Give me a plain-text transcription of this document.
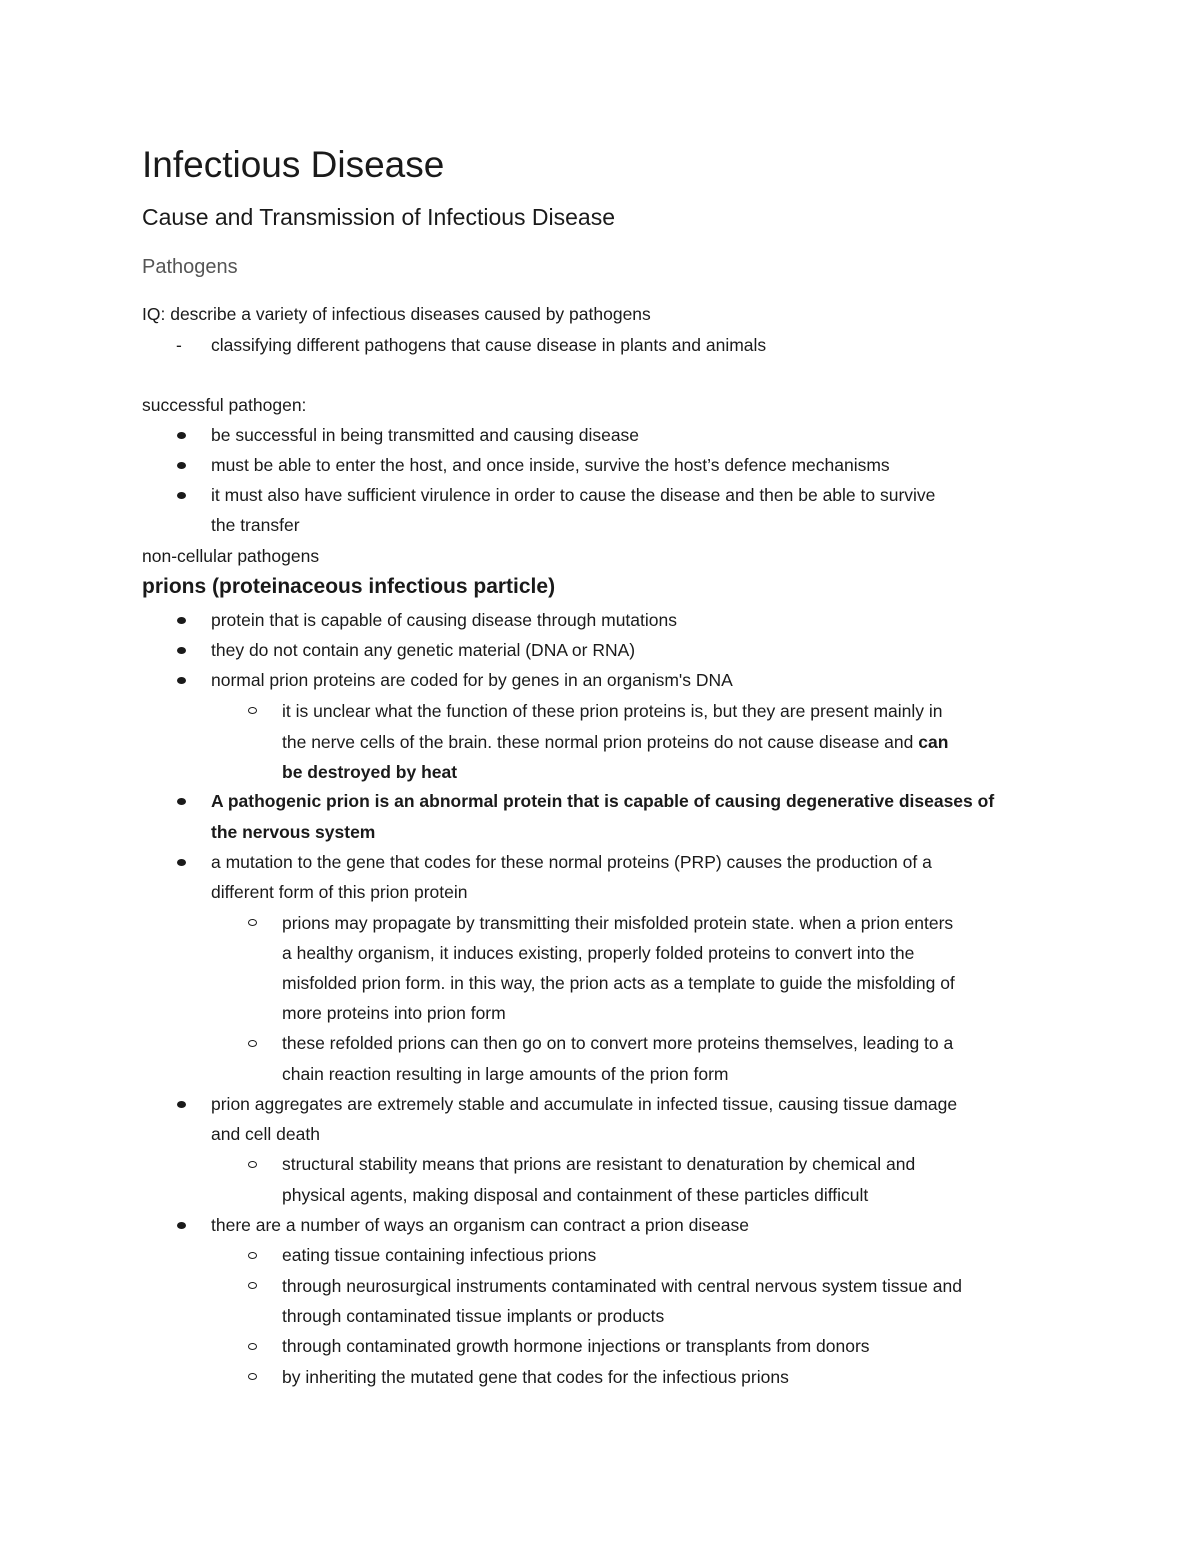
Infectious Disease
Cause and Transmission of Infectious Disease
Pathogens

IQ: describe a variety of infectious diseases caused by pathogens

- classifying different pathogens that cause disease in plants and animals

successful pathogen:

be successful in being transmitted and causing disease

must be able to enter the host, and once inside, survive the host’s defence mechanisms

it must also have sufficient virulence in order to cause the disease and then be able to survive

the transfer

non-cellular pathogens

prions (proteinaceous infectious particle)

protein that is capable of causing disease through mutations

they do not contain any genetic material (DNA or RNA)

normal prion proteins are coded for by genes in an organism's DNA

it is unclear what the function of these prion proteins is, but they are present mainly in

the nerve cells of the brain. these normal prion proteins do not cause disease and can

be destroyed by heat

A pathogenic prion is an abnormal protein that is capable of causing degenerative diseases of

the nervous system

a mutation to the gene that codes for these normal proteins (PRP) causes the production of a

different form of this prion protein

prions may propagate by transmitting their misfolded protein state. when a prion enters

a healthy organism, it induces existing, properly folded proteins to convert into the

misfolded prion form. in this way, the prion acts as a template to guide the misfolding of

more proteins into prion form

these refolded prions can then go on to convert more proteins themselves, leading to a

chain reaction resulting in large amounts of the prion form

prion aggregates are extremely stable and accumulate in infected tissue, causing tissue damage

and cell death

structural stability means that prions are resistant to denaturation by chemical and

physical agents, making disposal and containment of these particles difficult

there are a number of ways an organism can contract a prion disease

eating tissue containing infectious prions

through neurosurgical instruments contaminated with central nervous system tissue and

through contaminated tissue implants or products

through contaminated growth hormone injections or transplants from donors

by inheriting the mutated gene that codes for the infectious prions
